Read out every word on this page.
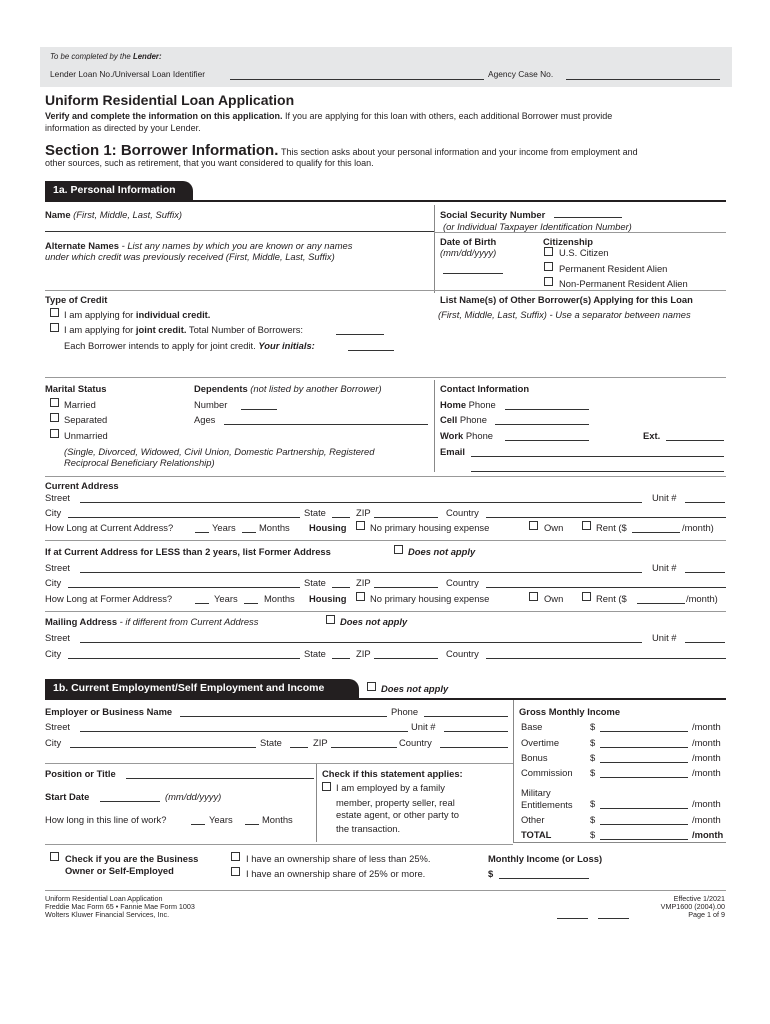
To be completed by the Lender:
Lender Loan No./Universal Loan Identifier	Agency Case No.
Uniform Residential Loan Application
Verify and complete the information on this application. If you are applying for this loan with others, each additional Borrower must provide
information as directed by your Lender.
Section 1: Borrower Information. This section asks about your personal information and your income from employment and
other sources, such as retirement, that you want considered to qualify for this loan.
1a. Personal Information
Name (First, Middle, Last, Suffix)	Social Security Number
(or Individual Taxpayer Identification Number)
Alternate Names - List any names by which you are known or any names
under which credit was previously received (First, Middle, Last, Suffix)
Date of Birth
(mm/dd/yyyy)
Citizenship
U.S. Citizen
Permanent Resident Alien
Non-Permanent Resident Alien
Type of Credit
I am applying for individual credit.
I am applying for joint credit. Total Number of Borrowers:
Each Borrower intends to apply for joint credit. Your initials:
List Name(s) of Other Borrower(s) Applying for this Loan
(First, Middle, Last, Suffix) - Use a separator between names
Marital Status
Married
Separated
Unmarried
(Single, Divorced, Widowed, Civil Union, Domestic Partnership, Registered
Reciprocal Beneficiary Relationship)
Dependents (not listed by another Borrower)
Number
Ages
Contact Information
Home Phone
Cell Phone
Work Phone	Ext.
Email
Current Address
Street	Unit #
City	State	ZIP	Country
How Long at Current Address?	Years Months Housing	No primary housing expense	Own	Rent ($	/month)
If at Current Address for LESS than 2 years, list Former Address	Does not apply
Street	Unit #
City	State	ZIP	Country
How Long at Former Address?	Years	Months Housing	No primary housing expense	Own	Rent ($	/month)
Mailing Address - if different from Current Address	Does not apply
Street	Unit #
City	State	ZIP	Country
1b. Current Employment/Self Employment and Income	Does not apply
Employer or Business Name	Phone
Street	Unit #
City	State	ZIP	Country
Position or Title
Start Date	(mm/dd/yyyy)
How long in this line of work?	Years	Months
Check if this statement applies:
I am employed by a family
member, property seller, real
estate agent, or other party to
the transaction.
Check if you are the Business
Owner or Self-Employed
I have an ownership share of less than 25%.
I have an ownership share of 25% or more.
Monthly Income (or Loss)
$
Gross Monthly Income
Base	$	/month
Overtime	$	/month
Bonus	$	/month
Commission $	/month
Military
Entitlements $	/month
Other	$	/month
TOTAL	$	/month
Uniform Residential Loan Application
Freddie Mac Form 65 • Fannie Mae Form 1003
Wolters Kluwer Financial Services, Inc.
Effective 1/2021
VMP1600 (2004).00
Page 1 of 9
